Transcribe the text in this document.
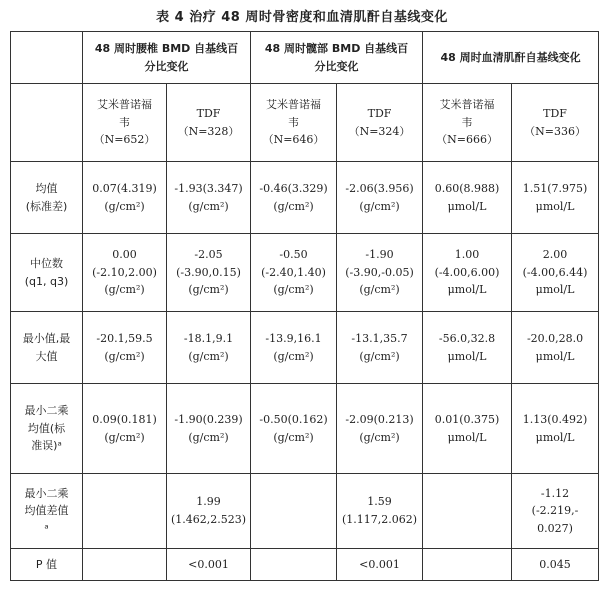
表 4 治疗 48 周时骨密度和血清肌酐自基线变化

	48 周时腰椎 BMD 自基线百
分比变化		48 周时髋部 BMD 自基线百
分比变化		48 周时血清肌酐自基线变化	

	艾米普诺福
韦
（N=652）	TDF
（N=328）	艾米普诺福
韦
（N=646）	TDF
（N=324）	艾米普诺福
韦
（N=666）	TDF
（N=336）

均值
(标准差)	0.07(4.319)
(g/cm²)	-1.93(3.347)
(g/cm²)	-0.46(3.329)
(g/cm²)	-2.06(3.956)
(g/cm²)	0.60(8.988)
μmol/L	1.51(7.975)
μmol/L

中位数
(q1, q3)	0.00
(-2.10,2.00)
(g/cm²)	-2.05
(-3.90,0.15)
(g/cm²)	-0.50
(-2.40,1.40)
(g/cm²)	-1.90
(-3.90,-0.05)
(g/cm²)	1.00
(-4.00,6.00)
μmol/L	2.00
(-4.00,6.44)
μmol/L

最小值,最
大值	-20.1,59.5
(g/cm²)	-18.1,9.1
(g/cm²)	-13.9,16.1
(g/cm²)	-13.1,35.7
(g/cm²)	-56.0,32.8
μmol/L	-20.0,28.0
μmol/L

最小二乘
均值(标
准误)ᵃ	0.09(0.181)
(g/cm²)	-1.90(0.239)
(g/cm²)	-0.50(0.162)
(g/cm²)	-2.09(0.213)
(g/cm²)	0.01(0.375)
μmol/L	1.13(0.492)
μmol/L

最小二乘
均值差值
ᵃ		1.99
(1.462,2.523)		1.59
(1.117,2.062)		-1.12
(-2.219,-
0.027)

P 值		<0.001		<0.001		0.045
